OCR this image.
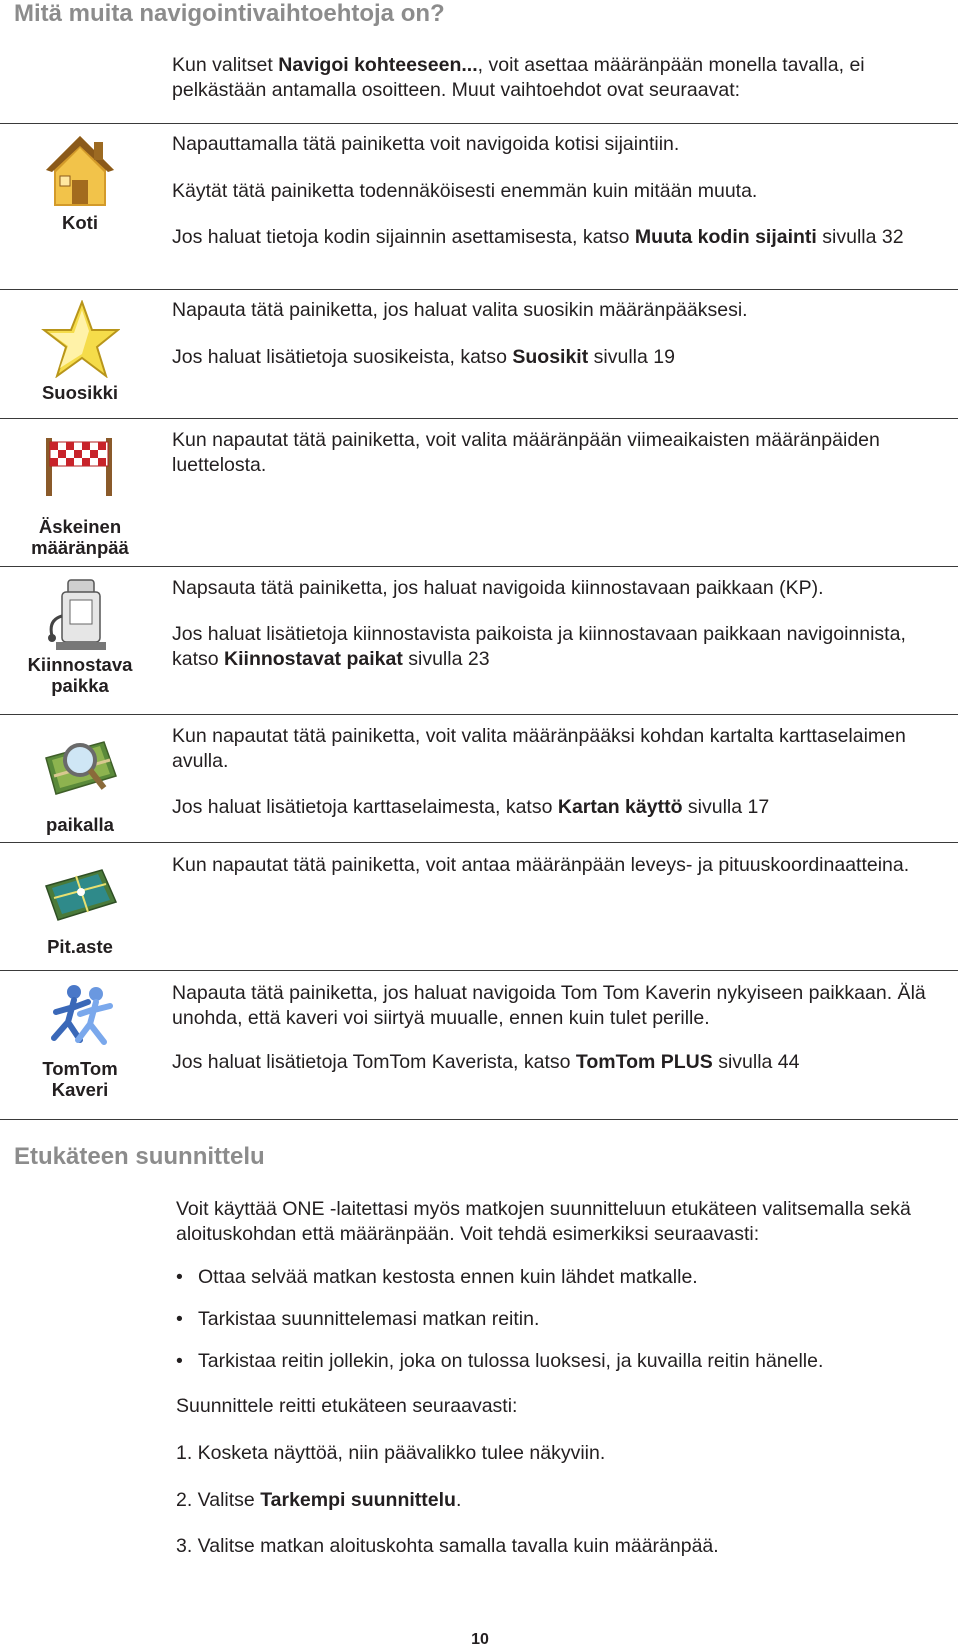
Mitä muita navigointivaihtoehtoja on?
Kun valitset Navigoi kohteeseen..., voit asettaa määränpään monella tavalla, ei pelkästään antamalla osoitteen. Muut vaihtoehdot ovat seuraavat:
Koti
Napauttamalla tätä painiketta voit navigoida kotisi sijaintiin.
Käytät tätä painiketta todennäköisesti enemmän kuin mitään muuta.
Jos haluat tietoja kodin sijainnin asettamisesta, katso Muuta kodin sijainti sivulla 32
Suosikki
Napauta tätä painiketta, jos haluat valita suosikin määränpääksesi.
Jos haluat lisätietoja suosikeista, katso Suosikit sivulla 19
Äskeinen
määränpää
Kun napautat tätä painiketta, voit valita määränpään viimeaikaisten määränpäiden luettelosta.
Kiinnostava
paikka
Napsauta tätä painiketta, jos haluat navigoida kiinnostavaan paikkaan (KP).
Jos haluat lisätietoja kiinnostavista paikoista ja kiinnostavaan paikkaan navigoinnista, katso Kiinnostavat paikat sivulla 23
paikalla
Kun napautat tätä painiketta, voit valita määränpääksi kohdan kartalta karttaselaimen avulla.
Jos haluat lisätietoja karttaselaimesta, katso Kartan käyttö sivulla 17
Pit.aste
Kun napautat tätä painiketta, voit antaa määränpään leveys- ja pituuskoordinaatteina.
TomTom
Kaveri
Napauta tätä painiketta, jos haluat navigoida Tom Tom Kaverin nykyiseen paikkaan. Älä unohda, että kaveri voi siirtyä muualle, ennen kuin tulet perille.
Jos haluat lisätietoja TomTom Kaverista, katso TomTom PLUS sivulla 44
Etukäteen suunnittelu
Voit käyttää ONE -laitettasi myös matkojen suunnitteluun etukäteen valitsemalla sekä aloituskohdan että määränpään. Voit tehdä esimerkiksi seuraavasti:
• Ottaa selvää matkan kestosta ennen kuin lähdet matkalle.
• Tarkistaa suunnittelemasi matkan reitin.
• Tarkistaa reitin jollekin, joka on tulossa luoksesi, ja kuvailla reitin hänelle.
Suunnittele reitti etukäteen seuraavasti:
1. Kosketa näyttöä, niin päävalikko tulee näkyviin.
2. Valitse Tarkempi suunnittelu.
3. Valitse matkan aloituskohta samalla tavalla kuin määränpää.
10
